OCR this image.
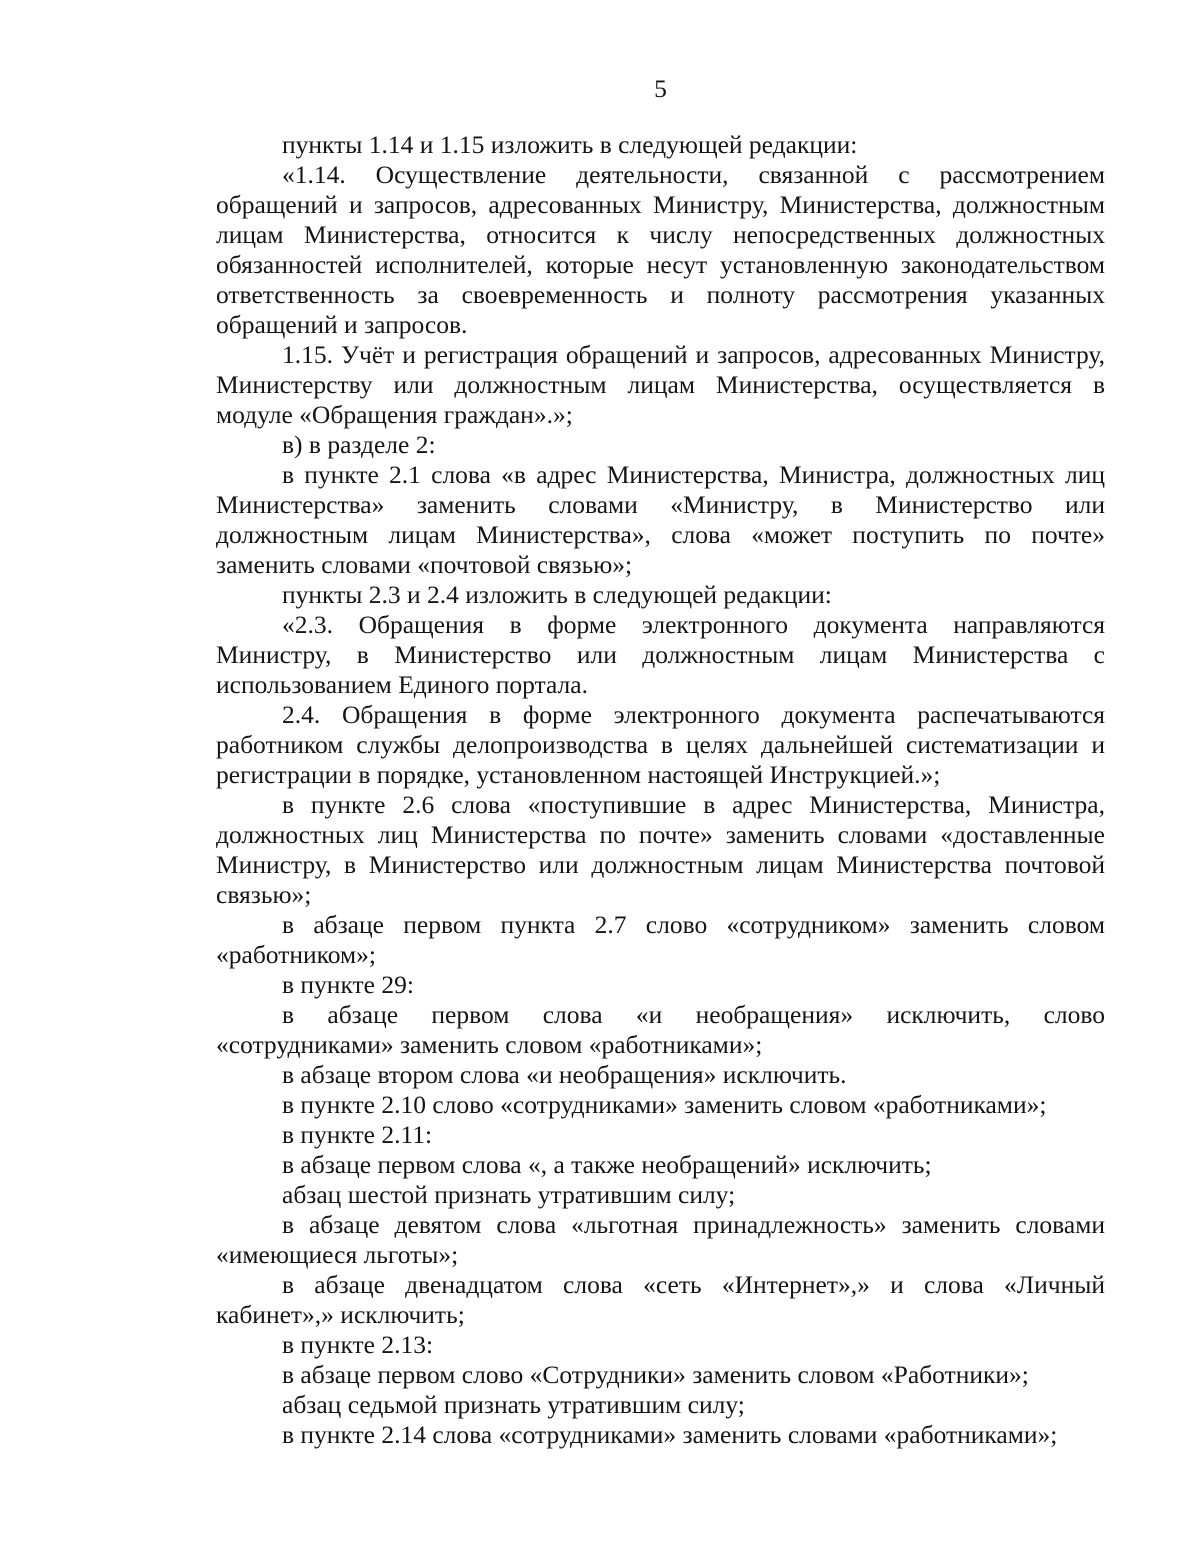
5
пункты 1.14 и 1.15 изложить в следующей редакции:
«1.14. Осуществление деятельности, связанной с рассмотрением
обращений и запросов, адресованных Министру, Министерства, должностным
лицам Министерства, относится к числу непосредственных должностных
обязанностей исполнителей, которые несут установленную законодательством
ответственность за своевременность и полноту рассмотрения указанных
обращений и запросов.
1.15. Учёт и регистрация обращений и запросов, адресованных Министру,
Министерству или должностным лицам Министерства, осуществляется в
модуле «Обращения граждан».»;
в) в разделе 2:
в пункте 2.1 слова «в адрес Министерства, Министра, должностных лиц
Министерства» заменить словами «Министру, в Министерство или
должностным лицам Министерства», слова «может поступить по почте»
заменить словами «почтовой связью»;
пункты 2.3 и 2.4 изложить в следующей редакции:
«2.3. Обращения в форме электронного документа направляются
Министру, в Министерство или должностным лицам Министерства с
использованием Единого портала.
2.4. Обращения в форме электронного документа распечатываются
работником службы делопроизводства в целях дальнейшей систематизации и
регистрации в порядке, установленном настоящей Инструкцией.»;
в пункте 2.6 слова «поступившие в адрес Министерства, Министра,
должностных лиц Министерства по почте» заменить словами «доставленные
Министру, в Министерство или должностным лицам Министерства почтовой
связью»;
в абзаце первом пункта 2.7 слово «сотрудником» заменить словом
«работником»;
в пункте 29:
в абзаце первом слова «и необращения» исключить, слово
«сотрудниками» заменить словом «работниками»;
в абзаце втором слова «и необращения» исключить.
в пункте 2.10 слово «сотрудниками» заменить словом «работниками»;
в пункте 2.11:
в абзаце первом слова «, а также необращений» исключить;
абзац шестой признать утратившим силу;
в абзаце девятом слова «льготная принадлежность» заменить словами
«имеющиеся льготы»;
в абзаце двенадцатом слова «сеть «Интернет»,» и слова «Личный
кабинет»,» исключить;
в пункте 2.13:
в абзаце первом слово «Сотрудники» заменить словом «Работники»;
абзац седьмой признать утратившим силу;
в пункте 2.14 слова «сотрудниками» заменить словами «работниками»;
